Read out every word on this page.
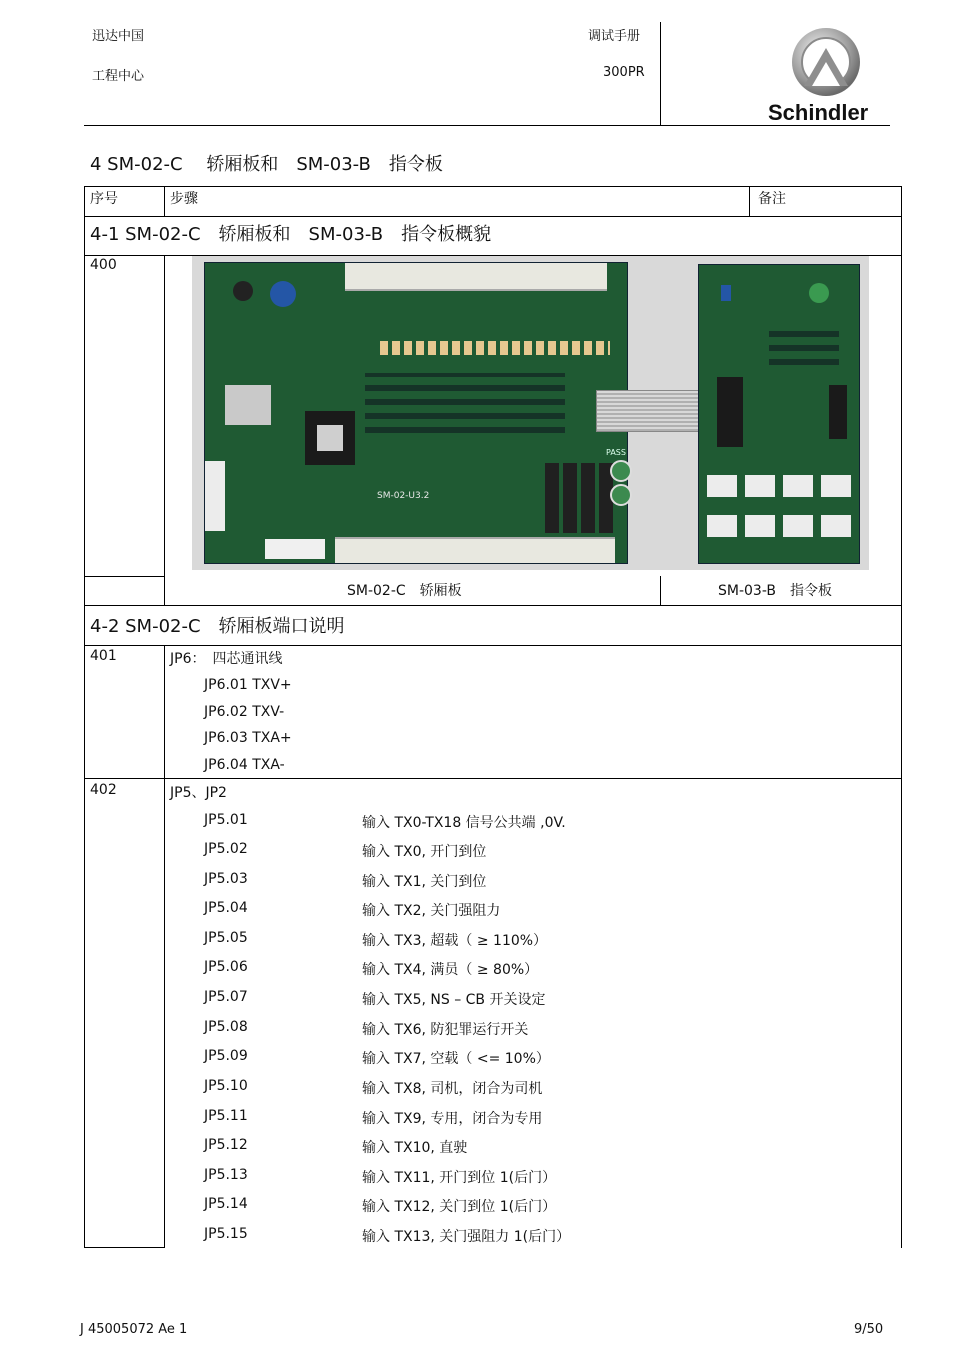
迅达中国
工程中心
调试手册
300PR
Schindler
4 SM-02-C　 轿厢板和　SM-03-B　指令板
序号	步骤	备注
4-1 SM-02-C　轿厢板和　SM-03-B　指令板概貌
400
SM-02-U3.2
PASS
SM-02-C　轿厢板	SM-03-B　指令板
4-2 SM-02-C　轿厢板端口说明
401	JP6：　四芯通讯线
JP6.01 TXV+
JP6.02 TXV-
JP6.03 TXA+
JP6.04 TXA-
402	JP5、JP2
JP5.01	输入 TX0-TX18 信号公共端 ,0V.
JP5.02	输入 TX0, 开门到位
JP5.03	输入 TX1, 关门到位
JP5.04	输入 TX2, 关门强阻力
JP5.05	输入 TX3, 超载（ ≥ 110%）
JP5.06	输入 TX4, 满员（ ≥ 80%）
JP5.07	输入 TX5, NS – CB 开关设定
JP5.08	输入 TX6, 防犯罪运行开关
JP5.09	输入 TX7, 空载（ <= 10%）
JP5.10	输入 TX8, 司机，闭合为司机
JP5.11	输入 TX9, 专用，闭合为专用
JP5.12	输入 TX10, 直驶
JP5.13	输入 TX11, 开门到位 1(后门）
JP5.14	输入 TX12, 关门到位 1(后门）
JP5.15	输入 TX13, 关门强阻力 1(后门）
J 45005072 Ae 1	9/50
